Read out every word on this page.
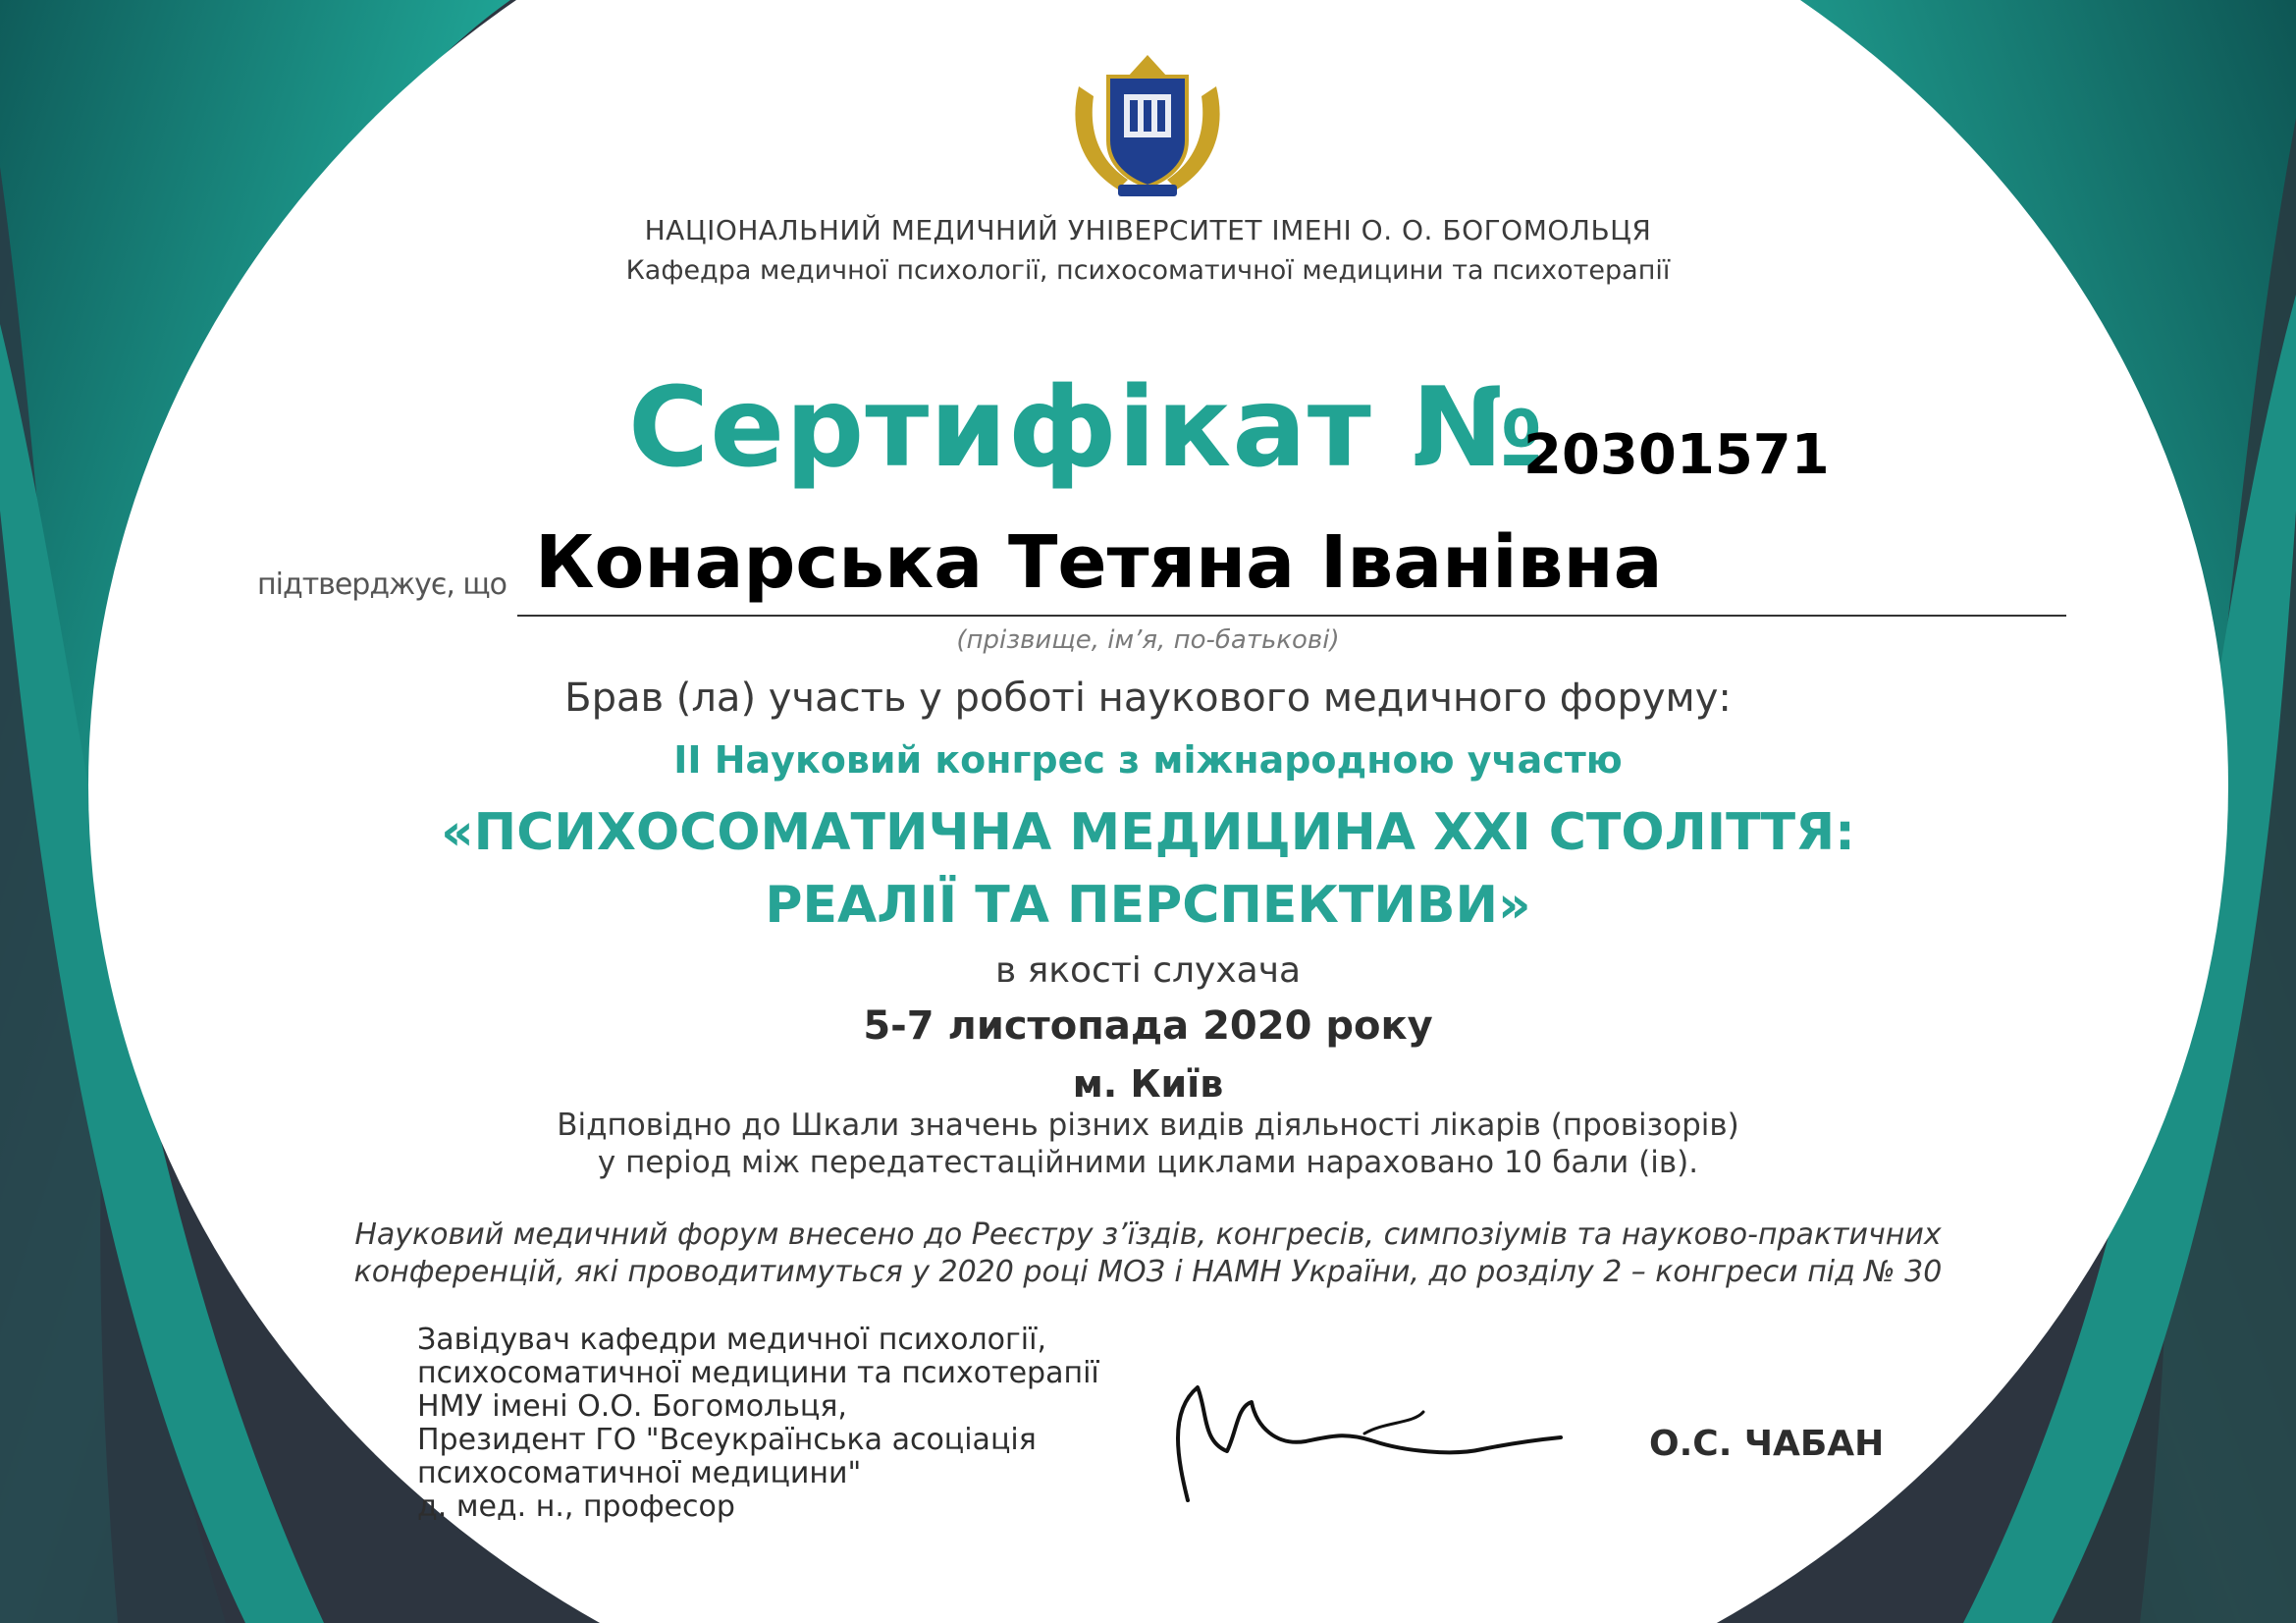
НАЦІОНАЛЬНИЙ МЕДИЧНИЙ УНІВЕРСИТЕТ ІМЕНІ О. О. БОГОМОЛЬЦЯ
Кафедра медичної психології, психосоматичної медицини та психотерапії
Сертифікат №
20301571
підтверджує, що Конарська Тетяна Іванівна
(прізвище, ім’я, по-батькові)
Брав (ла) участь у роботі наукового медичного форуму:
II Науковий конгрес з міжнародною участю
«ПСИХОСОМАТИЧНА МЕДИЦИНА XXI СТОЛІТТЯ:
РЕАЛІЇ ТА ПЕРСПЕКТИВИ»
в якості слухача
5-7 листопада 2020 року
м. Київ
Відповідно до Шкали значень різних видів діяльності лікарів (провізорів)
у період між передатестаційними циклами нараховано 10 бали (ів).
Науковий медичний форум внесено до Реєстру з’їздів, конгресів, симпозіумів та науково-практичних
конференцій, які проводитимуться у 2020 році МОЗ і НАМН України, до розділу 2 – конгреси під № 30
Завідувач кафедри медичної психології,
психосоматичної медицини та психотерапії
НМУ імені О.О. Богомольця,
Президент ГО "Всеукраїнська асоціація
психосоматичної медицини"
д. мед. н., професор
О.С. ЧАБАН
